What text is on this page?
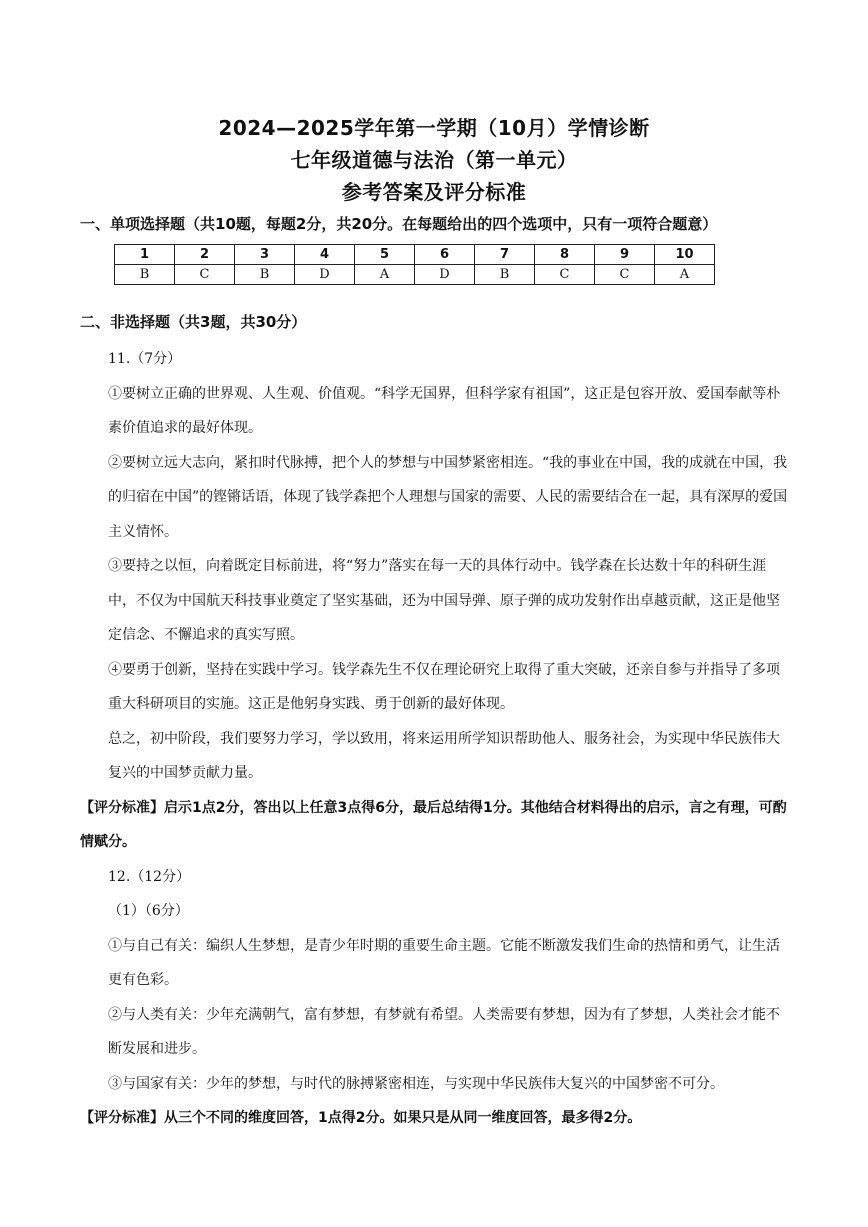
2024—2025学年第一学期（10月）学情诊断
七年级道德与法治（第一单元）
参考答案及评分标准
一、单项选择题（共10题，每题2分，共20分。在每题给出的四个选项中，只有一项符合题意）
1	2	3	4	5	6	7	8	9	10
B	C	B	D	A	D	B	C	C	A
二、非选择题（共3题，共30分）

11.（7分）

①要树立正确的世界观、人生观、价值观。“科学无国界，但科学家有祖国”，这正是包容开放、爱国奉献等朴素价值追求的最好体现。

②要树立远大志向，紧扣时代脉搏，把个人的梦想与中国梦紧密相连。“我的事业在中国，我的成就在中国，我的归宿在中国”的铿锵话语，体现了钱学森把个人理想与国家的需要、人民的需要结合在一起，具有深厚的爱国主义情怀。

③要持之以恒，向着既定目标前进，将“努力”落实在每一天的具体行动中。钱学森在长达数十年的科研生涯中，不仅为中国航天科技事业奠定了坚实基础，还为中国导弹、原子弹的成功发射作出卓越贡献，这正是他坚定信念、不懈追求的真实写照。

④要勇于创新，坚持在实践中学习。钱学森先生不仅在理论研究上取得了重大突破，还亲自参与并指导了多项重大科研项目的实施。这正是他躬身实践、勇于创新的最好体现。

总之，初中阶段，我们要努力学习，学以致用，将来运用所学知识帮助他人、服务社会，为实现中华民族伟大复兴的中国梦贡献力量。

【评分标准】启示1点2分，答出以上任意3点得6分，最后总结得1分。其他结合材料得出的启示，言之有理，可酌情赋分。

12.（12分）

（1）（6分）

①与自己有关：编织人生梦想，是青少年时期的重要生命主题。它能不断激发我们生命的热情和勇气，让生活更有色彩。

②与人类有关：少年充满朝气，富有梦想，有梦就有希望。人类需要有梦想，因为有了梦想，人类社会才能不断发展和进步。

③与国家有关：少年的梦想，与时代的脉搏紧密相连，与实现中华民族伟大复兴的中国梦密不可分。

【评分标准】从三个不同的维度回答，1点得2分。如果只是从同一维度回答，最多得2分。
